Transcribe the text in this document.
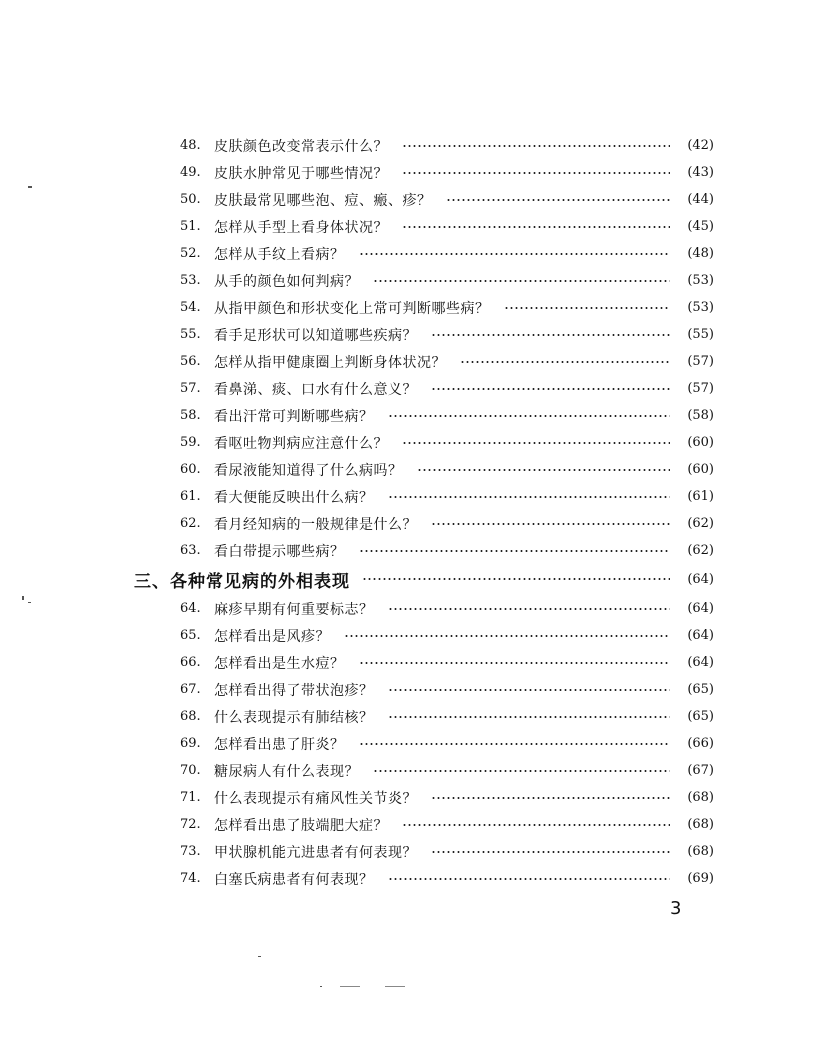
48. 皮肤颜色改变常表示什么？	(42)
49. 皮肤水肿常见于哪些情况？	(43)
50. 皮肤最常见哪些泡、痘、瘢、疹？	(44)
51. 怎样从手型上看身体状况？	(45)
52. 怎样从手纹上看病？	(48)
53. 从手的颜色如何判病？	(53)
54. 从指甲颜色和形状变化上常可判断哪些病？	(53)
55. 看手足形状可以知道哪些疾病？	(55)
56. 怎样从指甲健康圈上判断身体状况？	(57)
57. 看鼻涕、痰、口水有什么意义？	(57)
58. 看出汗常可判断哪些病？	(58)
59. 看呕吐物判病应注意什么？	(60)
60. 看尿液能知道得了什么病吗？	(60)
61. 看大便能反映出什么病？	(61)
62. 看月经知病的一般规律是什么？	(62)
63. 看白带提示哪些病？	(62)
三、各种常见病的外相表现	(64)
64. 麻疹早期有何重要标志？	(64)
65. 怎样看出是风疹？	(64)
66. 怎样看出是生水痘？	(64)
67. 怎样看出得了带状泡疹？	(65)
68. 什么表现提示有肺结核？	(65)
69. 怎样看出患了肝炎？	(66)
70. 糖尿病人有什么表现？	(67)
71. 什么表现提示有痛风性关节炎？	(68)
72. 怎样看出患了肢端肥大症？	(68)
73. 甲状腺机能亢进患者有何表现？	(68)
74. 白塞氏病患者有何表现？	(69)
3
